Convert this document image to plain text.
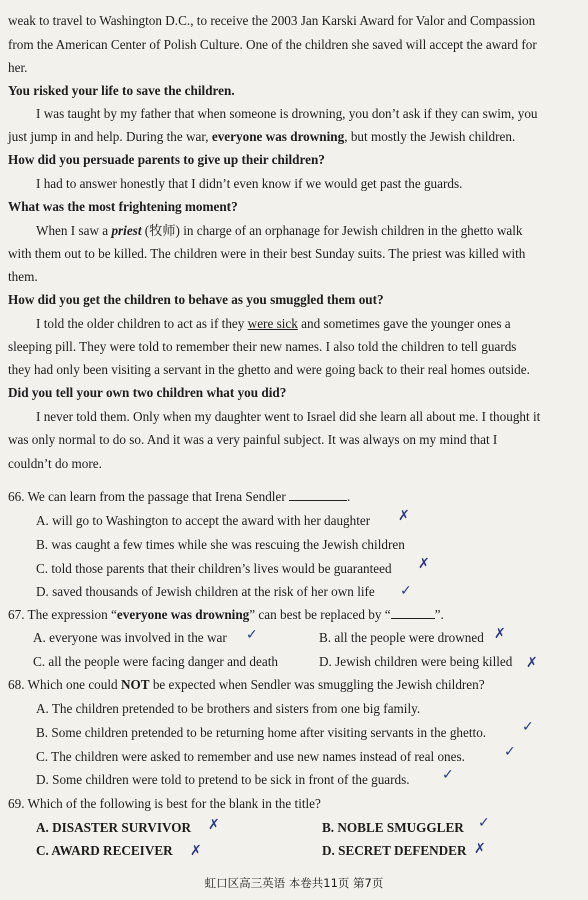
weak to travel to Washington D.C., to receive the 2003 Jan Karski Award for Valor and Compassion
from the American Center of Polish Culture. One of the children she saved will accept the award for
her.
You risked your life to save the children.
I was taught by my father that when someone is drowning, you don’t ask if they can swim, you
just jump in and help. During the war, everyone was drowning, but mostly the Jewish children.
How did you persuade parents to give up their children?
I had to answer honestly that I didn’t even know if we would get past the guards.
What was the most frightening moment?
When I saw a priest (牧师) in charge of an orphanage for Jewish children in the ghetto walk
with them out to be killed. The children were in their best Sunday suits. The priest was killed with
them.
How did you get the children to behave as you smuggled them out?
I told the older children to act as if they were sick and sometimes gave the younger ones a
sleeping pill. They were told to remember their new names. I also told the children to tell guards
they had only been visiting a servant in the ghetto and were going back to their real homes outside.
Did you tell your own two children what you did?
I never told them. Only when my daughter went to Israel did she learn all about me. I thought it
was only normal to do so. And it was a very painful subject. It was always on my mind that I
couldn’t do more.
66. We can learn from the passage that Irena Sendler	.
A. will go to Washington to accept the award with her daughter ✗
B. was caught a few times while she was rescuing the Jewish children
C. told those parents that their children’s lives would be guaranteed ✗
D. saved thousands of Jewish children at the risk of her own life ✓
67. The expression “everyone was drowning” can best be replaced by “	”.
A. everyone was involved in the war ✓	B. all the people were drowned ✗
C. all the people were facing danger and death	D. Jewish children were being killed ✗
68. Which one could NOT be expected when Sendler was smuggling the Jewish children?
A. The children pretended to be brothers and sisters from one big family.
B. Some children pretended to be returning home after visiting servants in the ghetto.	✓
C. The children were asked to remember and use new names instead of real ones.	✓
D. Some children were told to pretend to be sick in front of the guards. ✓
69. Which of the following is best for the blank in the title?
A. DISASTER SURVIVOR ✗	B. NOBLE SMUGGLER ✓
C. AWARD RECEIVER ✗	D. SECRET DEFENDER ✗
虹口区高三英语 本卷共11页 第7页
